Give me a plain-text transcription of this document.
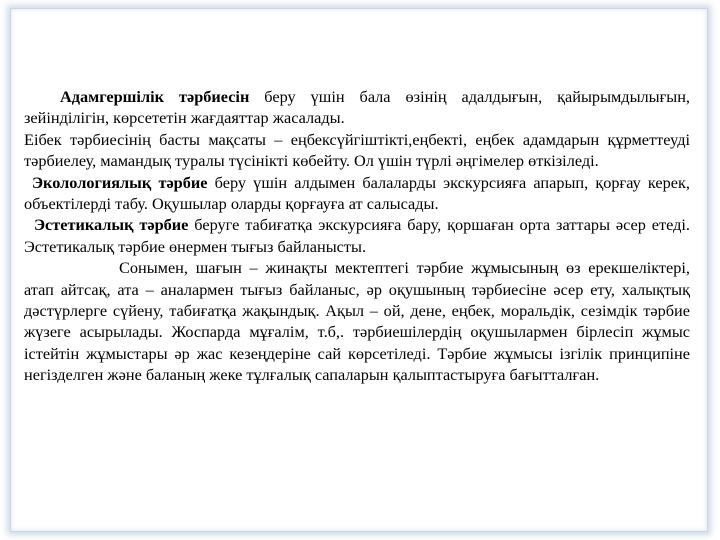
Адамгершілік тәрбиесін беру үшін бала өзінің адалдығын, қайырымдылығын, зейінділігін, көрсететін жағдаяттар жасалады.

Еібек тәрбиесінің басты мақсаты – еңбексүйгіштікті,еңбекті, еңбек адамдарын құрметтеуді тәрбиелеу, мамандық туралы түсінікті көбейту. Ол үшін түрлі әңгімелер өткізіледі.

Эколологиялық тәрбие беру үшін алдымен балаларды экскурсияға апарып, қорғау керек, объектілерді табу. Оқушылар оларды қорғауға ат салысады.

Эстетикалық тәрбие беруге табиғатқа экскурсияға бару, қоршаған орта заттары әсер етеді. Эстетикалық тәрбие өнермен тығыз байланысты.

Сонымен, шағын – жинақты мектептегі тәрбие жұмысының өз ерекшеліктері, атап айтсақ, ата – аналармен тығыз байланыс, әр оқушының тәрбиесіне әсер ету, халықтық дәстүрлерге сүйену, табиғатқа жақындық. Ақыл – ой, дене, еңбек, моральдік, сезімдік тәрбие жүзеге асырылады. Жоспарда мұғалім, т.б,. тәрбиешілердің оқушылармен бірлесіп жұмыс істейтін жұмыстары әр жас кезеңдеріне сай көрсетіледі. Тәрбие жұмысы ізгілік принципіне негізделген және баланың жеке тұлғалық сапаларын қалыптастыруға бағытталған.
